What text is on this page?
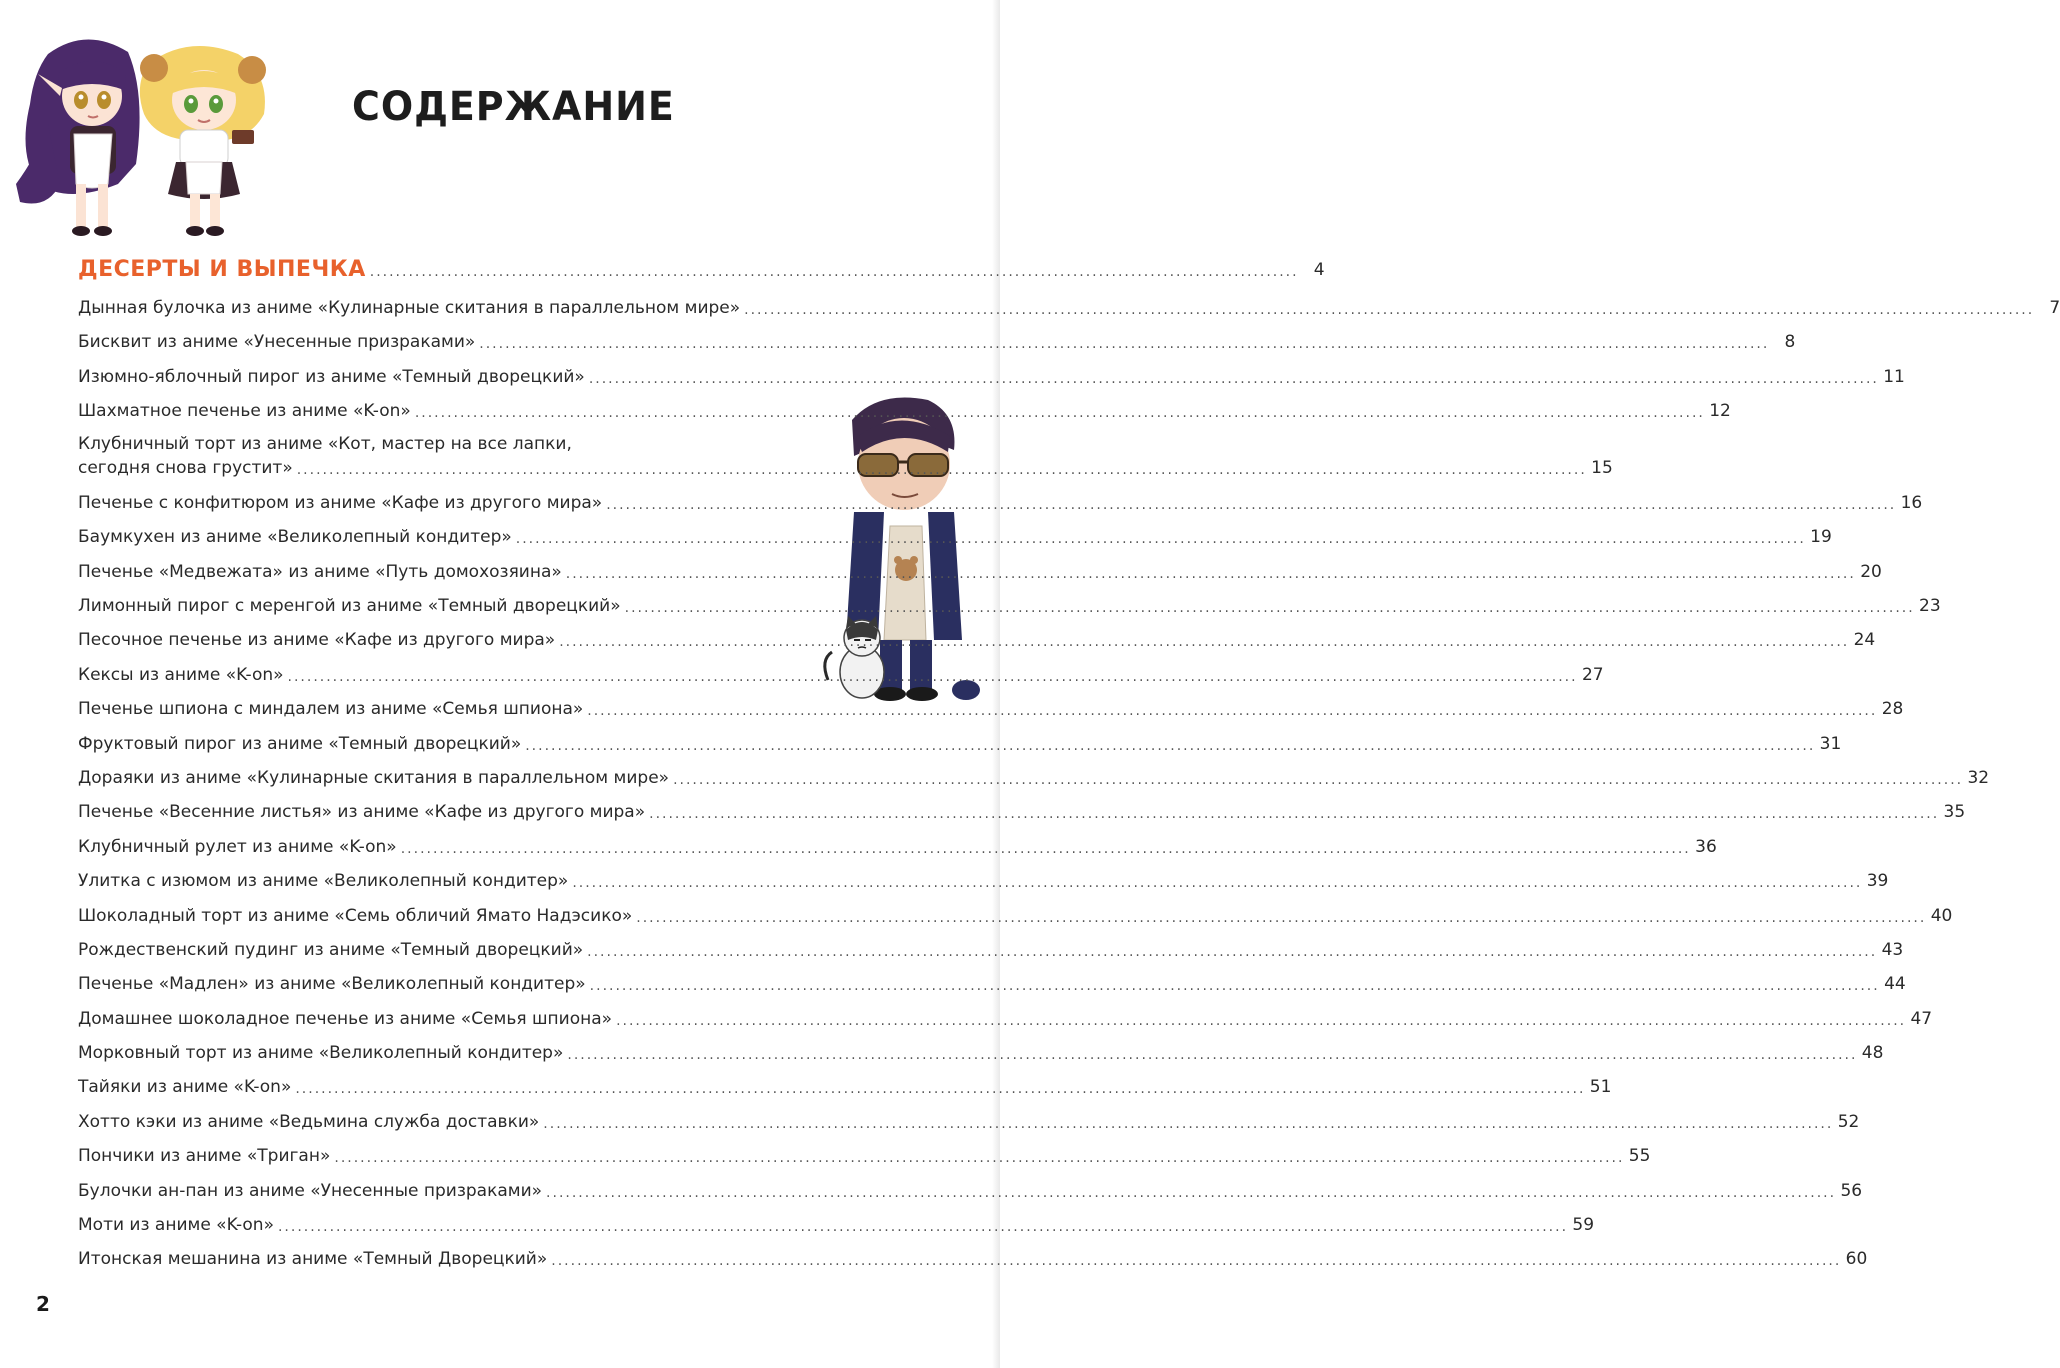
СОДЕРЖАНИЕ
ДЕСЕРТЫ И ВЫПЕЧКА ................................................................................................................................................ 4
Дынная булочка из аниме «Кулинарные скитания в параллельном мире» ........................................................................................................................................................................................................ 7
Бисквит из аниме «Унесенные призраками» ........................................................................................................................................................................................................ 8
Изюмно-яблочный пирог из аниме «Темный дворецкий» ........................................................................................................................................................................................................ 11
Шахматное печенье из аниме «K-on» ........................................................................................................................................................................................................ 12
Клубничный торт из аниме «Кот, мастер на все лапки,
сегодня снова грустит» ........................................................................................................................................................................................................ 15
Печенье с конфитюром из аниме «Кафе из другого мира» ........................................................................................................................................................................................................ 16
Баумкухен из аниме «Великолепный кондитер» ........................................................................................................................................................................................................ 19
Печенье «Медвежата» из аниме «Путь домохозяина» ........................................................................................................................................................................................................ 20
Лимонный пирог с меренгой из аниме «Темный дворецкий» ........................................................................................................................................................................................................ 23
Песочное печенье из аниме «Кафе из другого мира» ........................................................................................................................................................................................................ 24
Кексы из аниме «K-on» ........................................................................................................................................................................................................ 27
Печенье шпиона с миндалем из аниме «Семья шпиона» ........................................................................................................................................................................................................ 28
Фруктовый пирог из аниме «Темный дворецкий» ........................................................................................................................................................................................................ 31
Дораяки из аниме «Кулинарные скитания в параллельном мире» ........................................................................................................................................................................................................ 32
Печенье «Весенние листья» из аниме «Кафе из другого мира» ........................................................................................................................................................................................................ 35
Клубничный рулет из аниме «K-on» ........................................................................................................................................................................................................ 36
Улитка с изюмом из аниме «Великолепный кондитер» ........................................................................................................................................................................................................ 39
Шоколадный торт из аниме «Семь обличий Ямато Надэсико» ........................................................................................................................................................................................................ 40
Рождественский пудинг из аниме «Темный дворецкий» ........................................................................................................................................................................................................ 43
Печенье «Мадлен» из аниме «Великолепный кондитер» ........................................................................................................................................................................................................ 44
Домашнее шоколадное печенье из аниме «Семья шпиона» ........................................................................................................................................................................................................ 47
Морковный торт из аниме «Великолепный кондитер» ........................................................................................................................................................................................................ 48
Тайяки из аниме «K-on» ........................................................................................................................................................................................................ 51
Хотто кэки из аниме «Ведьмина служба доставки» ........................................................................................................................................................................................................ 52
Пончики из аниме «Триган» ........................................................................................................................................................................................................ 55
Булочки ан-пан из аниме «Унесенные призраками» ........................................................................................................................................................................................................ 56
Моти из аниме «K-on» ........................................................................................................................................................................................................ 59
Итонская мешанина из аниме «Темный Дворецкий» ........................................................................................................................................................................................................ 60
2
